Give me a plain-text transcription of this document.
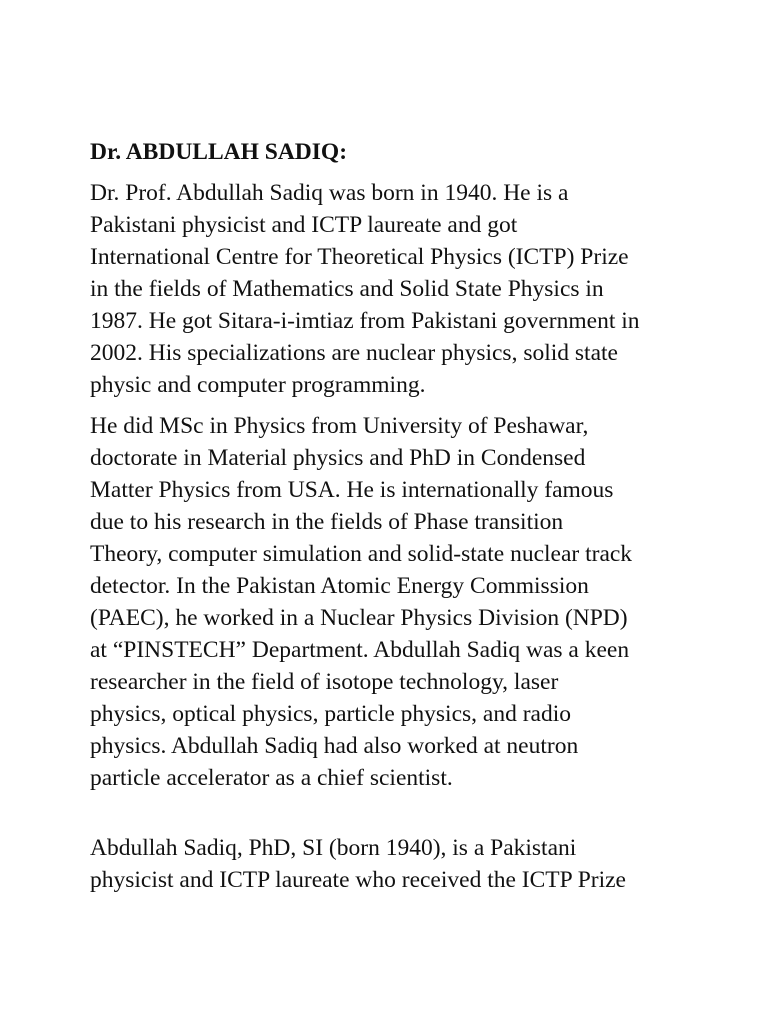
Dr. ABDULLAH SADIQ:
Dr. Prof. Abdullah Sadiq was born in 1940. He is a
Pakistani physicist and ICTP laureate and got
International Centre for Theoretical Physics (ICTP) Prize
in the fields of Mathematics and Solid State Physics in
1987. He got Sitara-i-imtiaz from Pakistani government in
2002. His specializations are nuclear physics, solid state
physic and computer programming.
He did MSc in Physics from University of Peshawar,
doctorate in Material physics and PhD in Condensed
Matter Physics from USA. He is internationally famous
due to his research in the fields of Phase transition
Theory, computer simulation and solid-state nuclear track
detector. In the Pakistan Atomic Energy Commission
(PAEC), he worked in a Nuclear Physics Division (NPD)
at “PINSTECH” Department. Abdullah Sadiq was a keen
researcher in the field of isotope technology, laser
physics, optical physics, particle physics, and radio
physics. Abdullah Sadiq had also worked at neutron
particle accelerator as a chief scientist.
Abdullah Sadiq, PhD, SI (born 1940), is a Pakistani
physicist and ICTP laureate who received the ICTP Prize
